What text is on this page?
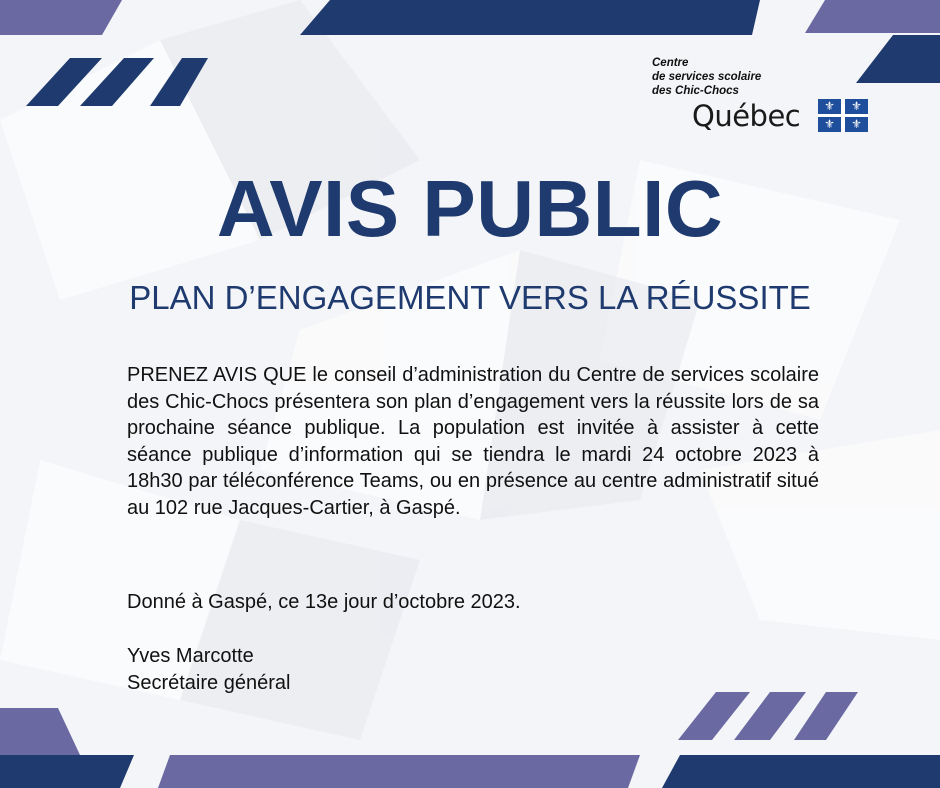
Centre
de services scolaire
des Chic-Chocs
Québec	⚜	⚜
⚜	⚜
AVIS PUBLIC
PLAN D’ENGAGEMENT VERS LA RÉUSSITE

PRENEZ AVIS QUE le conseil d’administration du Centre de services scolaire des Chic-Chocs présentera son plan d’engagement vers la réussite lors de sa prochaine séance publique. La population est invitée à assister à cette séance publique d’information qui se tiendra le mardi 24 octobre 2023 à 18h30 par téléconférence Teams, ou en présence au centre administratif situé au 102 rue Jacques-Cartier, à Gaspé.

Donné à Gaspé, ce 13e jour d’octobre 2023.

Yves Marcotte

Secrétaire général
